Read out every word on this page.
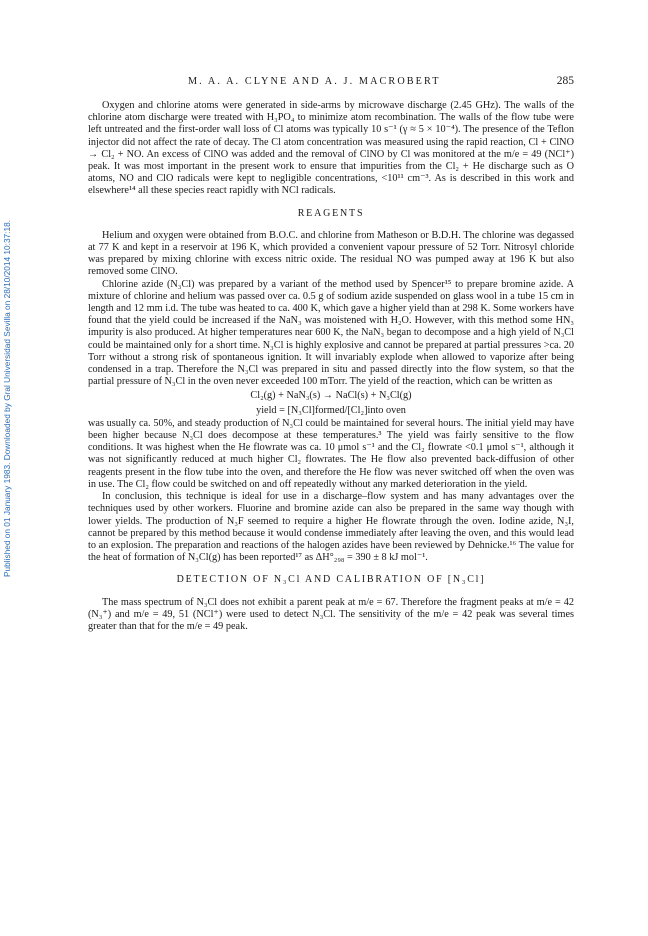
M. A. A. CLYNE AND A. J. MACROBERT	285
Published on 01 January 1983. Downloaded by Gral Universidad Sevilla on 28/10/2014 10:37:18.

Oxygen and chlorine atoms were generated in side-arms by microwave discharge (2.45 GHz). The walls of the chlorine atom discharge were treated with H₃PO₄ to minimize atom recombination. The walls of the flow tube were left untreated and the first-order wall loss of Cl atoms was typically 10 s⁻¹ (γ ≈ 5 × 10⁻⁴). The presence of the Teflon injector did not affect the rate of decay. The Cl atom concentration was measured using the rapid reaction, Cl + ClNO → Cl₂ + NO. An excess of ClNO was added and the removal of ClNO by Cl was monitored at the m/e = 49 (NCl⁺) peak. It was most important in the present work to ensure that impurities from the Cl₂ + He discharge such as O atoms, NO and ClO radicals were kept to negligible concentrations, <10¹¹ cm⁻³. As is described in this work and elsewhere¹⁴ all these species react rapidly with NCl radicals.

REAGENTS

Helium and oxygen were obtained from B.O.C. and chlorine from Matheson or B.D.H. The chlorine was degassed at 77 K and kept in a reservoir at 196 K, which provided a convenient vapour pressure of 52 Torr. Nitrosyl chloride was prepared by mixing chlorine with excess nitric oxide. The residual NO was pumped away at 196 K but also removed some ClNO.

Chlorine azide (N₃Cl) was prepared by a variant of the method used by Spencer¹⁵ to prepare bromine azide. A mixture of chlorine and helium was passed over ca. 0.5 g of sodium azide suspended on glass wool in a tube 15 cm in length and 12 mm i.d. The tube was heated to ca. 400 K, which gave a higher yield than at 298 K. Some workers have found that the yield could be increased if the NaN₃ was moistened with H₂O. However, with this method some HN₃ impurity is also produced. At higher temperatures near 600 K, the NaN₃ began to decompose and a high yield of N₃Cl could be maintained only for a short time. N₃Cl is highly explosive and cannot be prepared at partial pressures >ca. 20 Torr without a strong risk of spontaneous ignition. It will invariably explode when allowed to vaporize after being condensed in a trap. Therefore the N₃Cl was prepared in situ and passed directly into the flow system, so that the partial pressure of N₃Cl in the oven never exceeded 100 mTorr. The yield of the reaction, which can be written as

Cl₂(g) + NaN₃(s) → NaCl(s) + N₃Cl(g)

yield = [N₃Cl]formed/[Cl₂]into oven

was usually ca. 50%, and steady production of N₃Cl could be maintained for several hours. The initial yield may have been higher because N₃Cl does decompose at these temperatures.³ The yield was fairly sensitive to the flow conditions. It was highest when the He flowrate was ca. 10 μmol s⁻¹ and the Cl₂ flowrate <0.1 μmol s⁻¹, although it was not significantly reduced at much higher Cl₂ flowrates. The He flow also prevented back-diffusion of other reagents present in the flow tube into the oven, and therefore the He flow was never switched off when the oven was in use. The Cl₂ flow could be switched on and off repeatedly without any marked deterioration in the yield.

In conclusion, this technique is ideal for use in a discharge–flow system and has many advantages over the techniques used by other workers. Fluorine and bromine azide can also be prepared in the same way though with lower yields. The production of N₃F seemed to require a higher He flowrate through the oven. Iodine azide, N₃I, cannot be prepared by this method because it would condense immediately after leaving the oven, and this would lead to an explosion. The preparation and reactions of the halogen azides have been reviewed by Dehnicke.¹⁶ The value for the heat of formation of N₃Cl(g) has been reported¹⁷ as ΔH°₂₉₈ = 390 ± 8 kJ mol⁻¹.

DETECTION OF N₃Cl AND CALIBRATION OF [N₃Cl]

The mass spectrum of N₃Cl does not exhibit a parent peak at m/e = 67. Therefore the fragment peaks at m/e = 42 (N₃⁺) and m/e = 49, 51 (NCl⁺) were used to detect N₃Cl. The sensitivity of the m/e = 42 peak was several times greater than that for the m/e = 49 peak.
